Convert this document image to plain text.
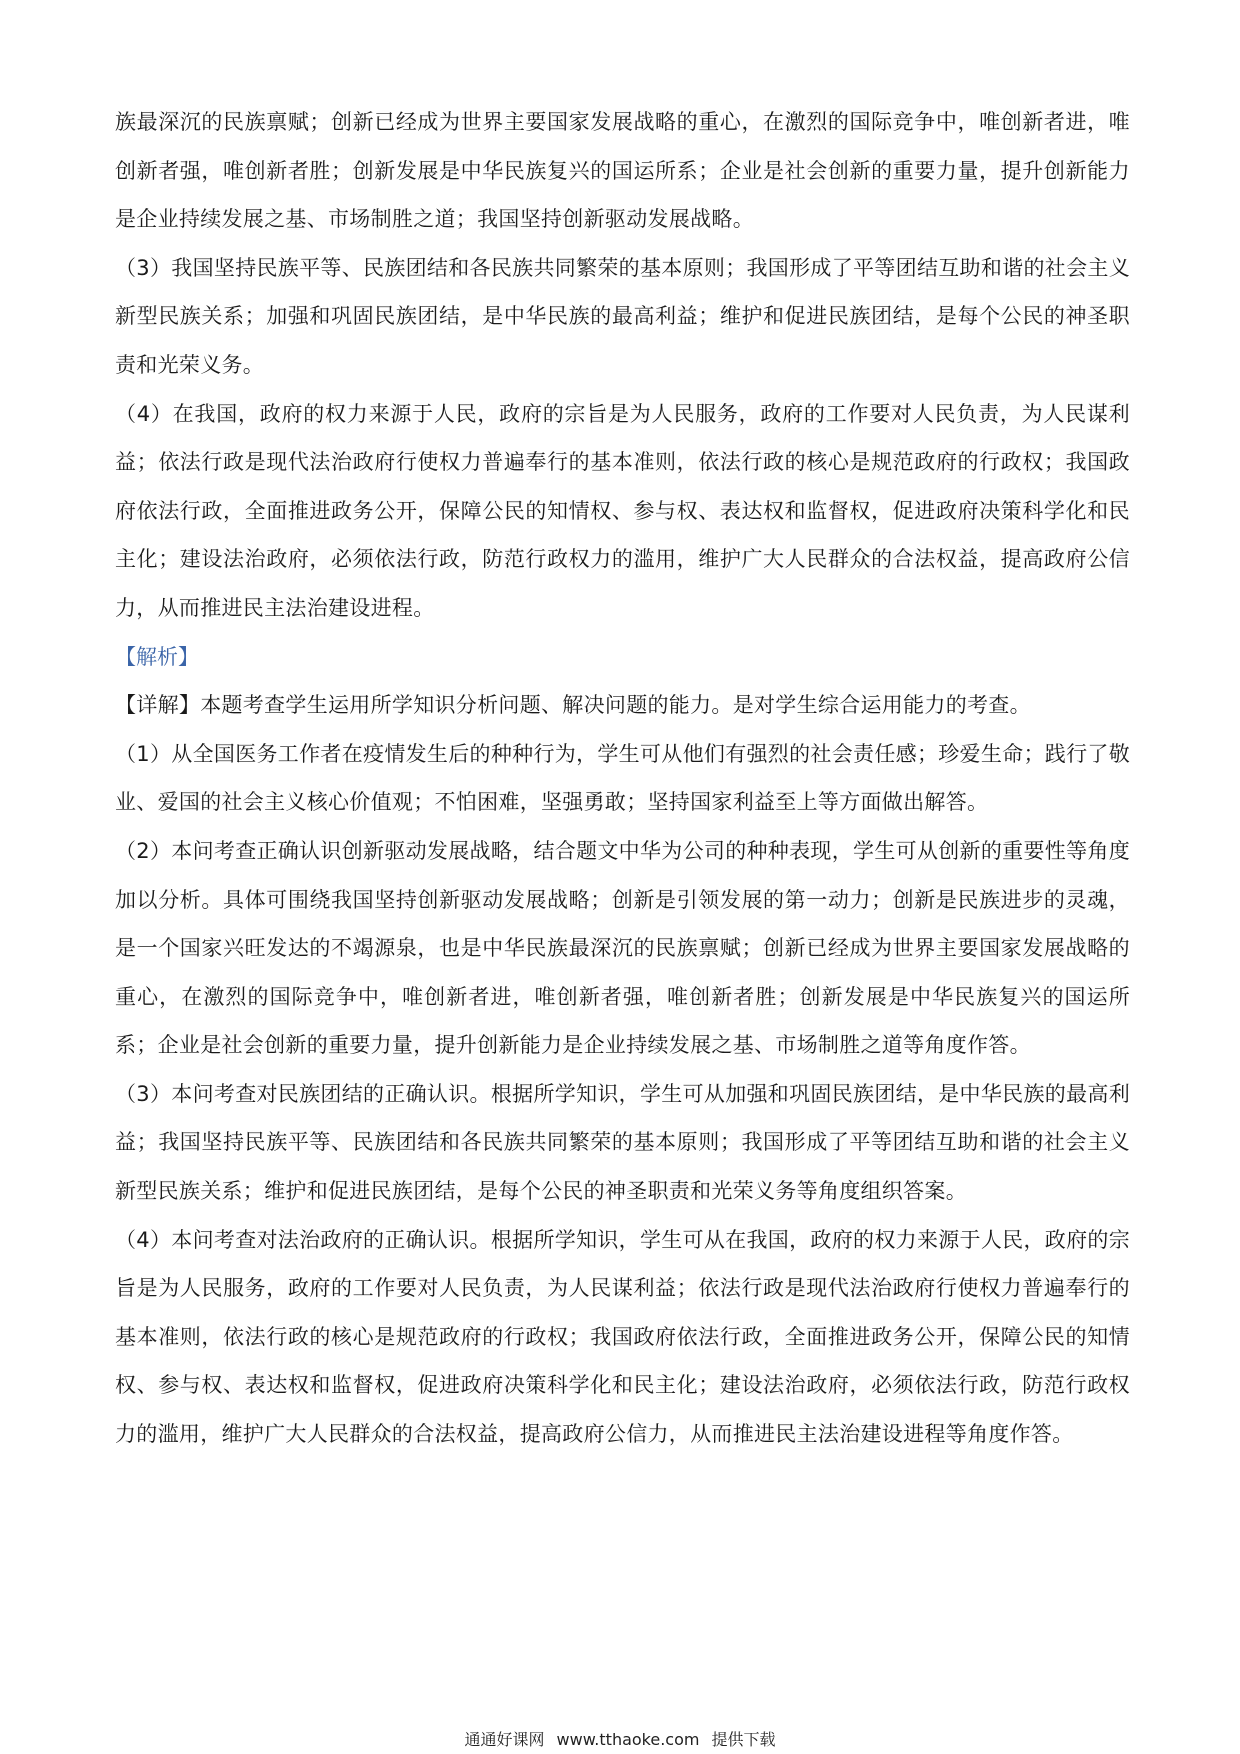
族最深沉的民族禀赋；创新已经成为世界主要国家发展战略的重心，在激烈的国际竞争中，唯创新者进，唯创新者强，唯创新者胜；创新发展是中华民族复兴的国运所系；企业是社会创新的重要力量，提升创新能力是企业持续发展之基、市场制胜之道；我国坚持创新驱动发展战略。

（3）我国坚持民族平等、民族团结和各民族共同繁荣的基本原则；我国形成了平等团结互助和谐的社会主义新型民族关系；加强和巩固民族团结，是中华民族的最高利益；维护和促进民族团结，是每个公民的神圣职责和光荣义务。

（4）在我国，政府的权力来源于人民，政府的宗旨是为人民服务，政府的工作要对人民负责，为人民谋利益；依法行政是现代法治政府行使权力普遍奉行的基本准则，依法行政的核心是规范政府的行政权；我国政府依法行政，全面推进政务公开，保障公民的知情权、参与权、表达权和监督权，促进政府决策科学化和民主化；建设法治政府，必须依法行政，防范行政权力的滥用，维护广大人民群众的合法权益，提高政府公信力，从而推进民主法治建设进程。

【解析】

【详解】本题考查学生运用所学知识分析问题、解决问题的能力。是对学生综合运用能力的考查。

（1）从全国医务工作者在疫情发生后的种种行为，学生可从他们有强烈的社会责任感；珍爱生命；践行了敬业、爱国的社会主义核心价值观；不怕困难，坚强勇敢；坚持国家利益至上等方面做出解答。

（2）本问考查正确认识创新驱动发展战略，结合题文中华为公司的种种表现，学生可从创新的重要性等角度加以分析。具体可围绕我国坚持创新驱动发展战略；创新是引领发展的第一动力；创新是民族进步的灵魂，是一个国家兴旺发达的不竭源泉，也是中华民族最深沉的民族禀赋；创新已经成为世界主要国家发展战略的重心，在激烈的国际竞争中，唯创新者进，唯创新者强，唯创新者胜；创新发展是中华民族复兴的国运所系；企业是社会创新的重要力量，提升创新能力是企业持续发展之基、市场制胜之道等角度作答。

（3）本问考查对民族团结的正确认识。根据所学知识，学生可从加强和巩固民族团结，是中华民族的最高利益；我国坚持民族平等、民族团结和各民族共同繁荣的基本原则；我国形成了平等团结互助和谐的社会主义新型民族关系；维护和促进民族团结，是每个公民的神圣职责和光荣义务等角度组织答案。

（4）本问考查对法治政府的正确认识。根据所学知识，学生可从在我国，政府的权力来源于人民，政府的宗旨是为人民服务，政府的工作要对人民负责，为人民谋利益；依法行政是现代法治政府行使权力普遍奉行的基本准则，依法行政的核心是规范政府的行政权；我国政府依法行政，全面推进政务公开，保障公民的知情权、参与权、表达权和监督权，促进政府决策科学化和民主化；建设法治政府，必须依法行政，防范行政权力的滥用，维护广大人民群众的合法权益，提高政府公信力，从而推进民主法治建设进程等角度作答。

通通好课网 www.tthaoke.com 提供下载
